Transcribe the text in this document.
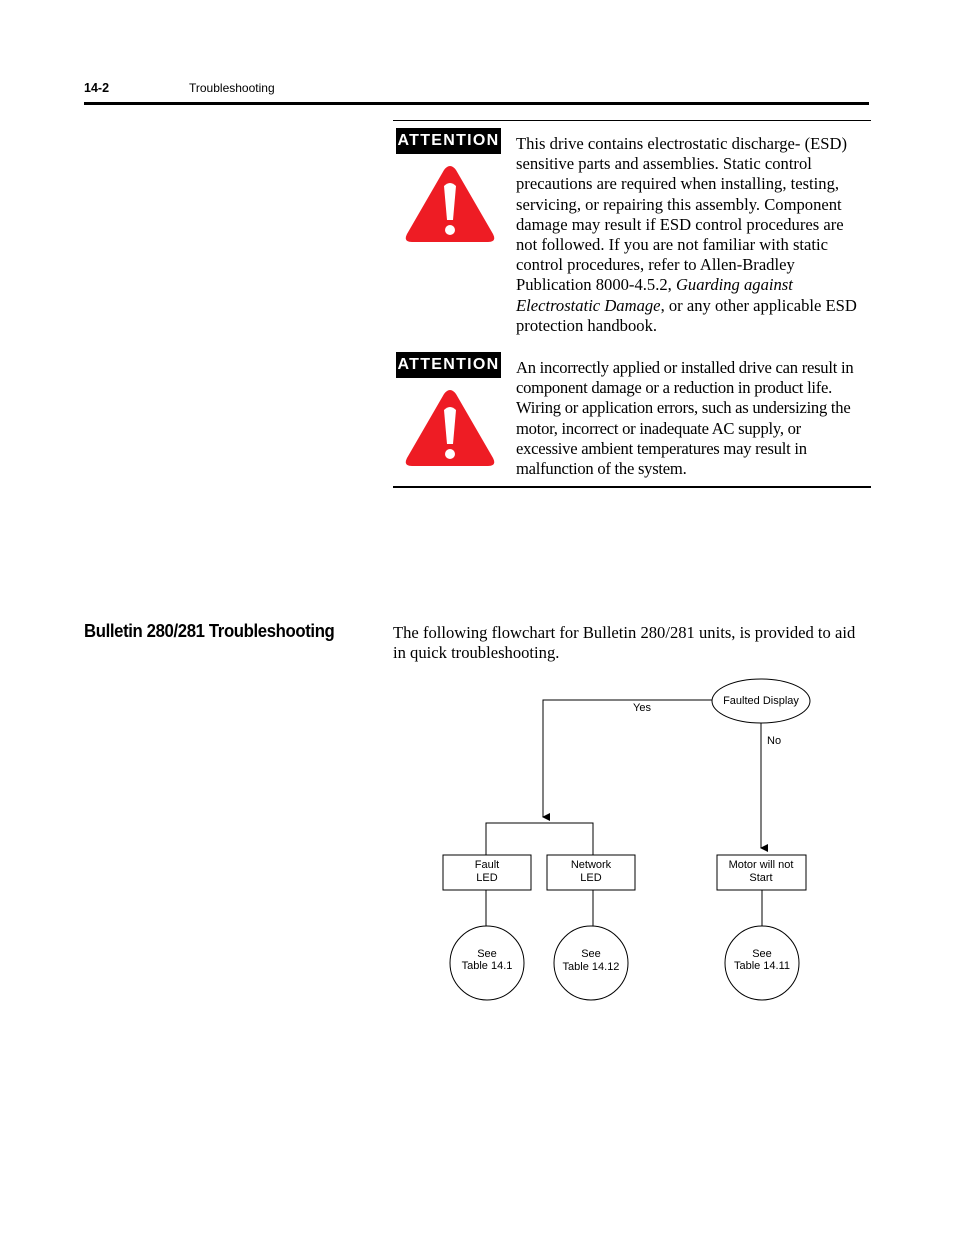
14-2	Troubleshooting
ATTENTION This drive contains electrostatic discharge- (ESD) sensitive parts and assemblies. Static control precautions are required when installing, testing, servicing, or repairing this assembly. Component damage may result if ESD control procedures are not followed. If you are not familiar with static control procedures, refer to Allen-Bradley Publication 8000-4.5.2, Guarding against Electrostatic Damage, or any other applicable ESD protection handbook.
ATTENTION An incorrectly applied or installed drive can result in component damage or a reduction in product life. Wiring or application errors, such as undersizing the motor, incorrect or inadequate AC supply, or excessive ambient temperatures may result in malfunction of the system.
Bulletin 280/281 Troubleshooting	The following flowchart for Bulletin 280/281 units, is provided to aid in quick troubleshooting.
Faulted Display
Yes
No
Fault
LED
Network
LED
Motor will not
Start
See
Table 14.1
See
Table 14.12
See
Table 14.11
